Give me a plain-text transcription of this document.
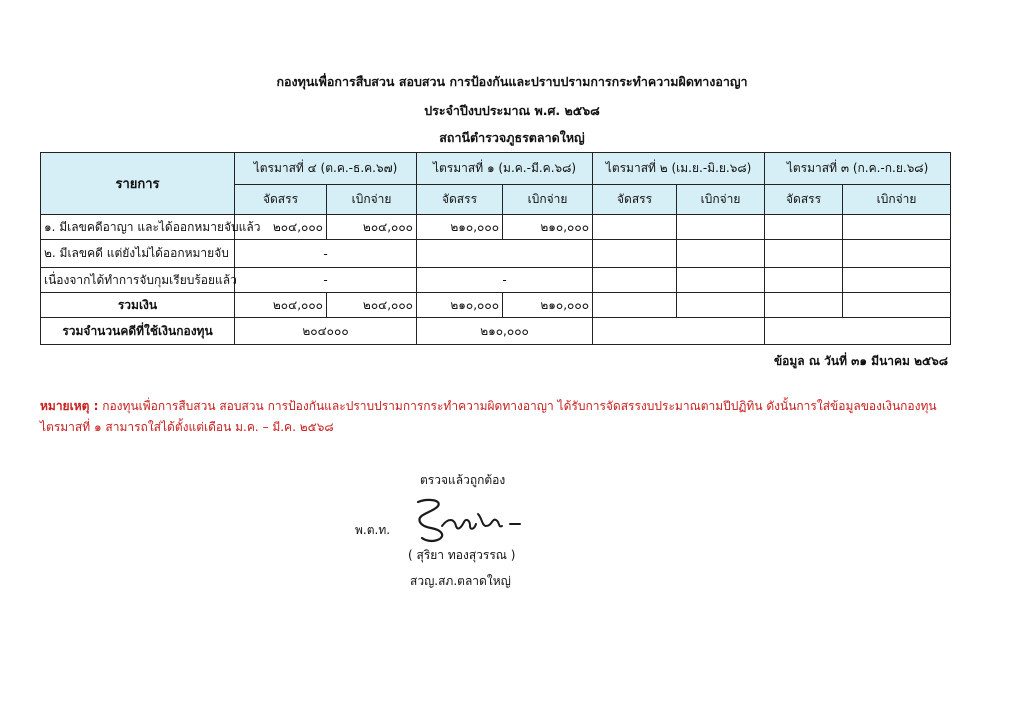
กองทุนเพื่อการสืบสวน สอบสวน การป้องกันและปราบปรามการกระทำความผิดทางอาญา
ประจำปีงบประมาณ พ.ศ. ๒๕๖๘
สถานีตำรวจภูธรตลาดใหญ่
รายการ	ไตรมาสที่ ๔ (ต.ค.-ธ.ค.๖๗)		ไตรมาสที่ ๑ (ม.ค.-มี.ค.๖๘)		ไตรมาสที่ ๒ (เม.ย.-มิ.ย.๖๘)		ไตรมาสที่ ๓ (ก.ค.-ก.ย.๖๘)	
	จัดสรร	เบิกจ่าย	จัดสรร	เบิกจ่าย	จัดสรร	เบิกจ่าย	จัดสรร	เบิกจ่าย
๑. มีเลขคดีอาญา และได้ออกหมายจับแล้ว	๒๐๔,๐๐๐	๒๐๔,๐๐๐	๒๑๐,๐๐๐	๒๑๐,๐๐๐				
๒. มีเลขคดี แต่ยังไม่ได้ออกหมายจับ	-							
เนื่องจากได้ทำการจับกุมเรียบร้อยแล้ว	-		-					
รวมเงิน	๒๐๔,๐๐๐	๒๐๔,๐๐๐	๒๑๐,๐๐๐	๒๑๐,๐๐๐				
รวมจำนวนคดีที่ใช้เงินกองทุน	๒๐๔๐๐๐		๒๑๐,๐๐๐					
ข้อมูล ณ วันที่ ๓๑ มีนาคม ๒๕๖๘
หมายเหตุ : กองทุนเพื่อการสืบสวน สอบสวน การป้องกันและปราบปรามการกระทำความผิดทางอาญา ได้รับการจัดสรรงบประมาณตามปีปฏิทิน ดังนั้นการใส่ข้อมูลของเงินกองทุน ไตรมาสที่ ๑ สามารถใส่ได้ตั้งแต่เดือน ม.ค. – มี.ค. ๒๕๖๘
ตรวจแล้วถูกต้อง
พ.ต.ท.
( สุริยา ทองสุวรรณ )
สวญ.สภ.ตลาดใหญ่
